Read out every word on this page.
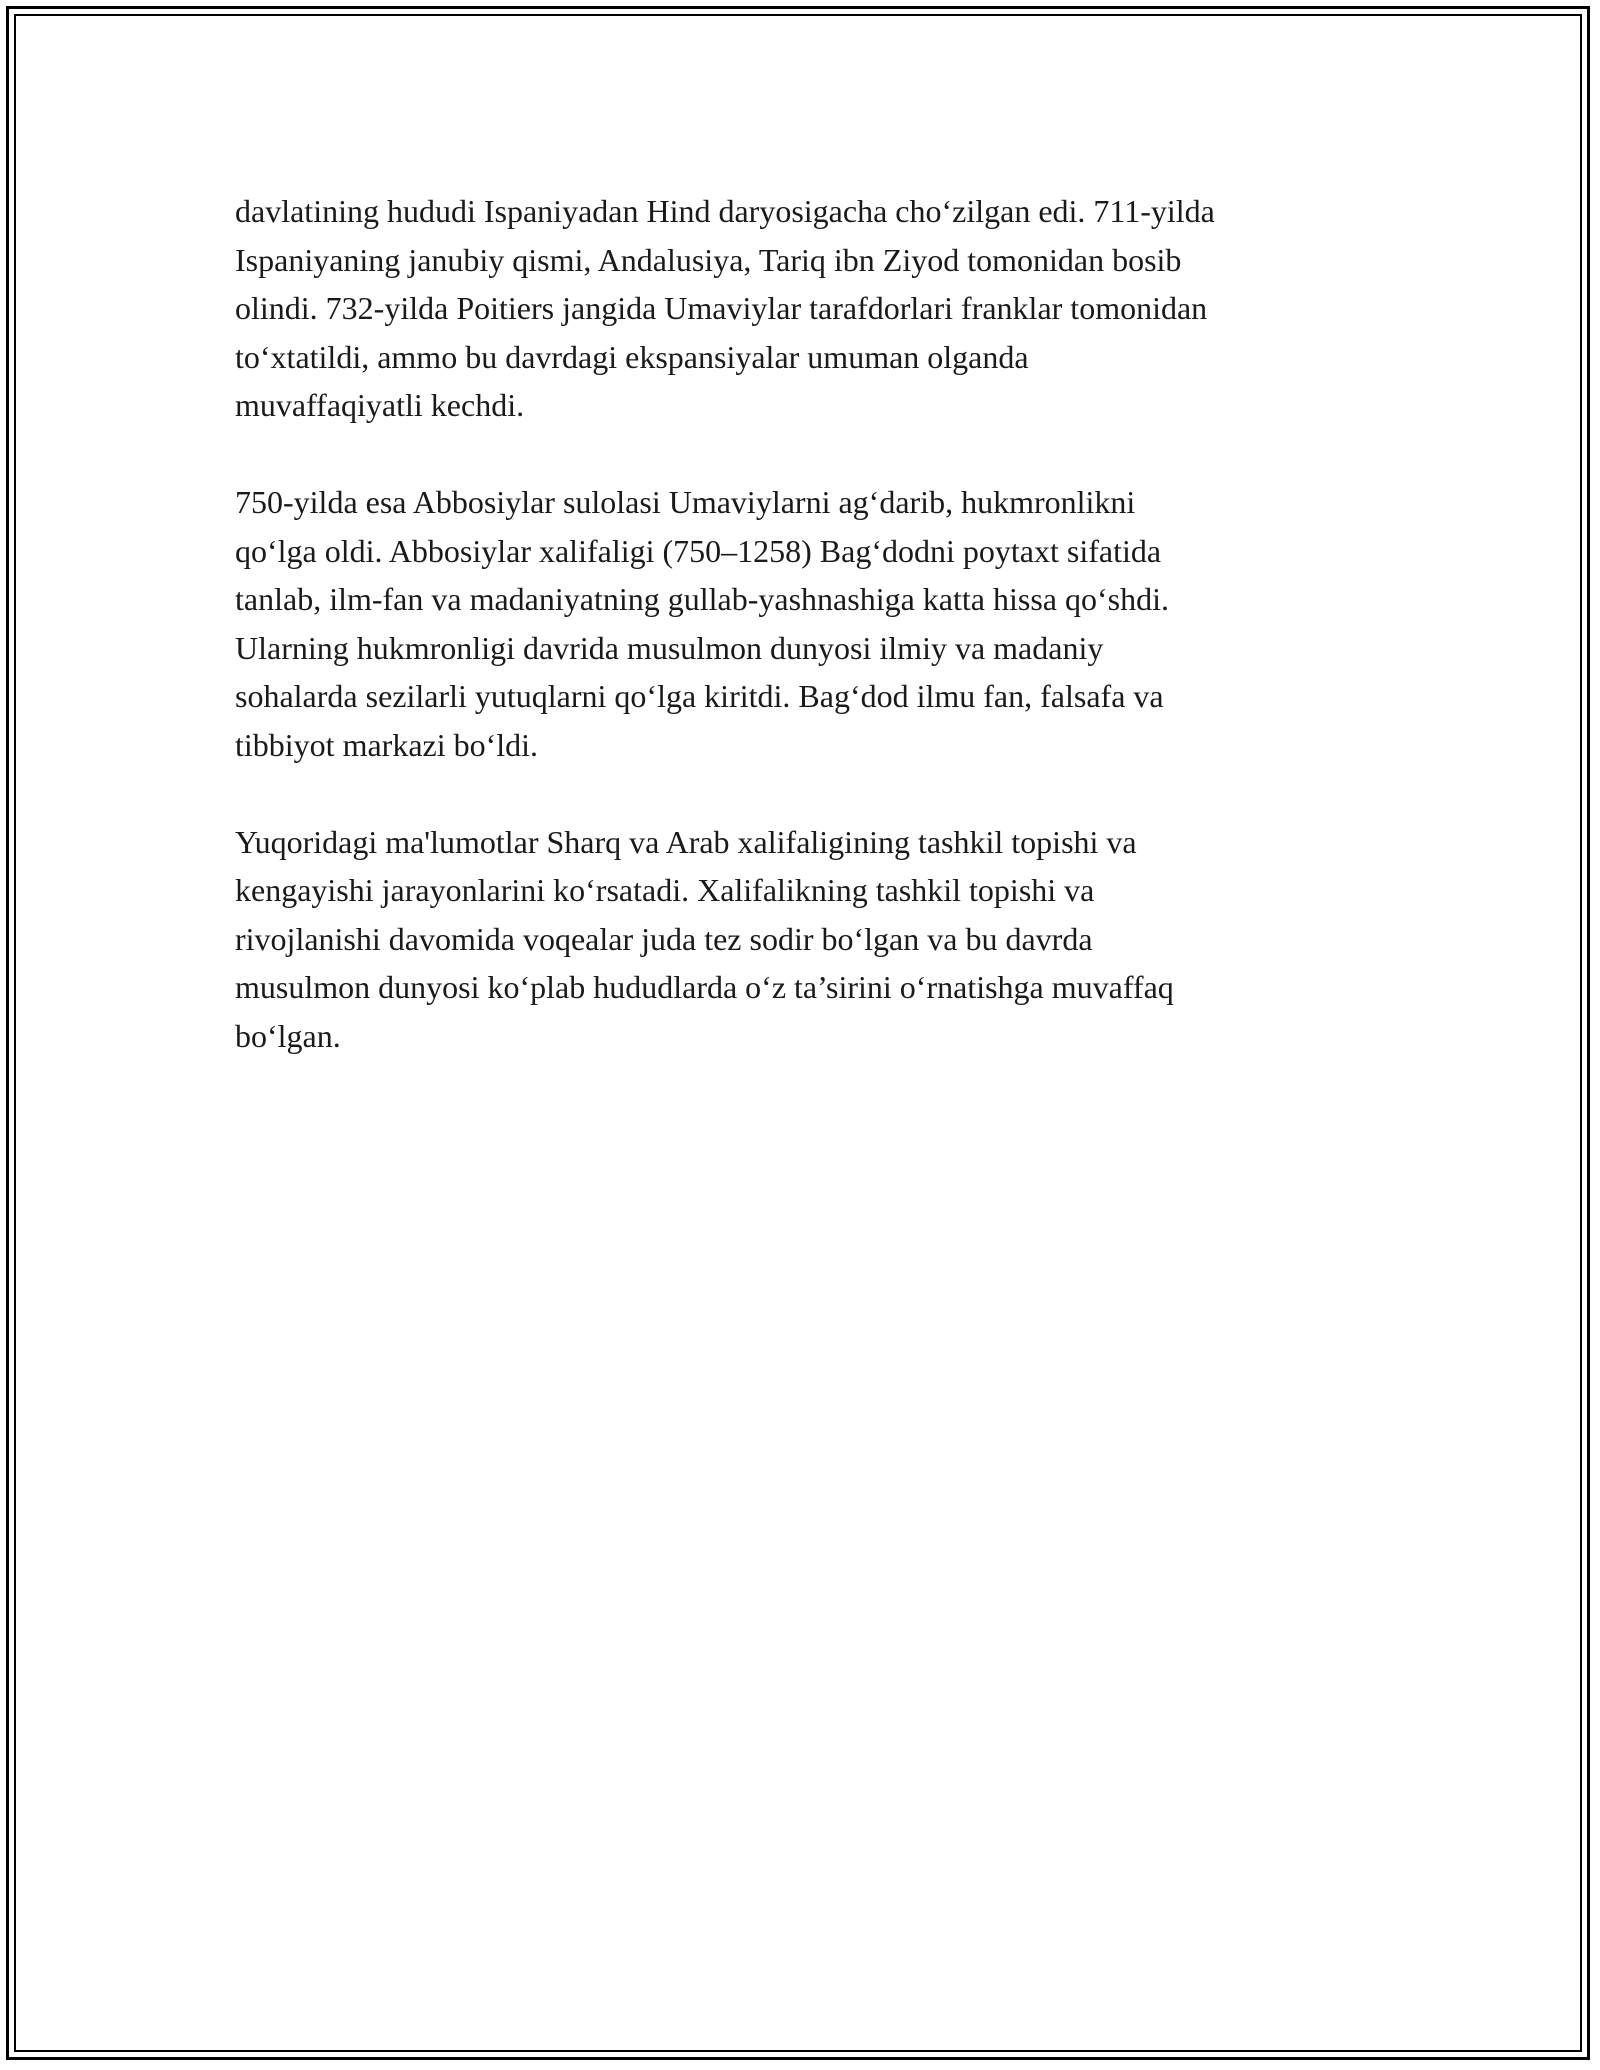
davlatining hududi Ispaniyadan Hind daryosigacha cho‘zilgan edi. 711-yilda
Ispaniyaning janubiy qismi, Andalusiya, Tariq ibn Ziyod tomonidan bosib
olindi. 732-yilda Poitiers jangida Umaviylar tarafdorlari franklar tomonidan
to‘xtatildi, ammo bu davrdagi ekspansiyalar umuman olganda
muvaffaqiyatli kechdi.

750-yilda esa Abbosiylar sulolasi Umaviylarni ag‘darib, hukmronlikni
qo‘lga oldi. Abbosiylar xalifaligi (750–1258) Bag‘dodni poytaxt sifatida
tanlab, ilm-fan va madaniyatning gullab-yashnashiga katta hissa qo‘shdi.
Ularning hukmronligi davrida musulmon dunyosi ilmiy va madaniy
sohalarda sezilarli yutuqlarni qo‘lga kiritdi. Bag‘dod ilmu fan, falsafa va
tibbiyot markazi bo‘ldi.

Yuqoridagi ma'lumotlar Sharq va Arab xalifaligining tashkil topishi va
kengayishi jarayonlarini ko‘rsatadi. Xalifalikning tashkil topishi va
rivojlanishi davomida voqealar juda tez sodir bo‘lgan va bu davrda
musulmon dunyosi ko‘plab hududlarda o‘z ta’sirini o‘rnatishga muvaffaq
bo‘lgan.
